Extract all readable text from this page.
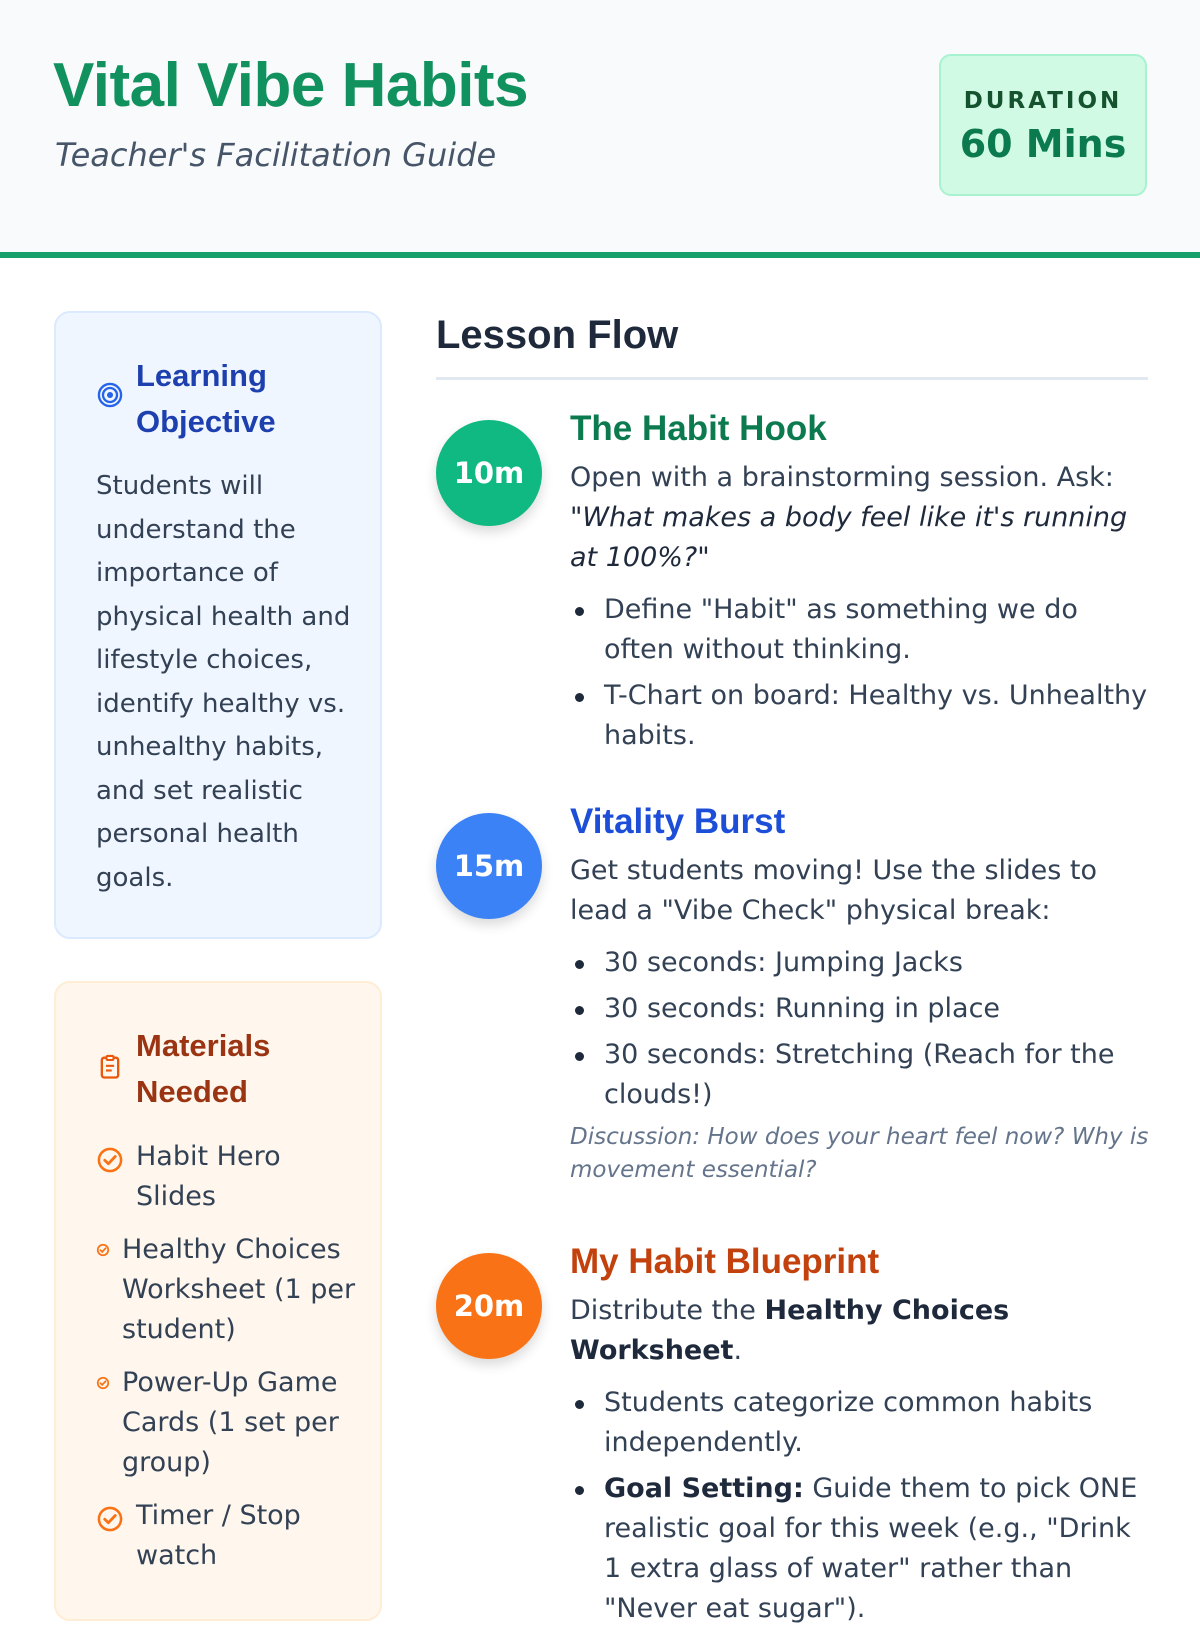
Vital Vibe Habits
Teacher's Facilitation Guide
DURATION
60 Mins
Learning Objective
Students will understand the importance of physical health and lifestyle choices, identify healthy vs. unhealthy habits, and set realistic personal health goals.
Materials Needed
Habit Hero Slides
Healthy Choices Worksheet (1 per student)
Power-Up Game Cards (1 set per group)
Timer / Stop watch
Lesson Flow
10m
The Habit Hook
Open with a brainstorming session. Ask:
"What makes a body feel like it's running at 100%?"
Define "Habit" as something we do often without thinking.
T-Chart on board: Healthy vs. Unhealthy habits.
15m
Vitality Burst
Get students moving! Use the slides to lead a "Vibe Check" physical break:
30 seconds: Jumping Jacks
30 seconds: Running in place
30 seconds: Stretching (Reach for the clouds!)
Discussion: How does your heart feel now? Why is movement essential?
20m
My Habit Blueprint
Distribute the Healthy Choices Worksheet.
Students categorize common habits independently.
Goal Setting: Guide them to pick ONE realistic goal for this week (e.g., "Drink 1 extra glass of water" rather than "Never eat sugar").
